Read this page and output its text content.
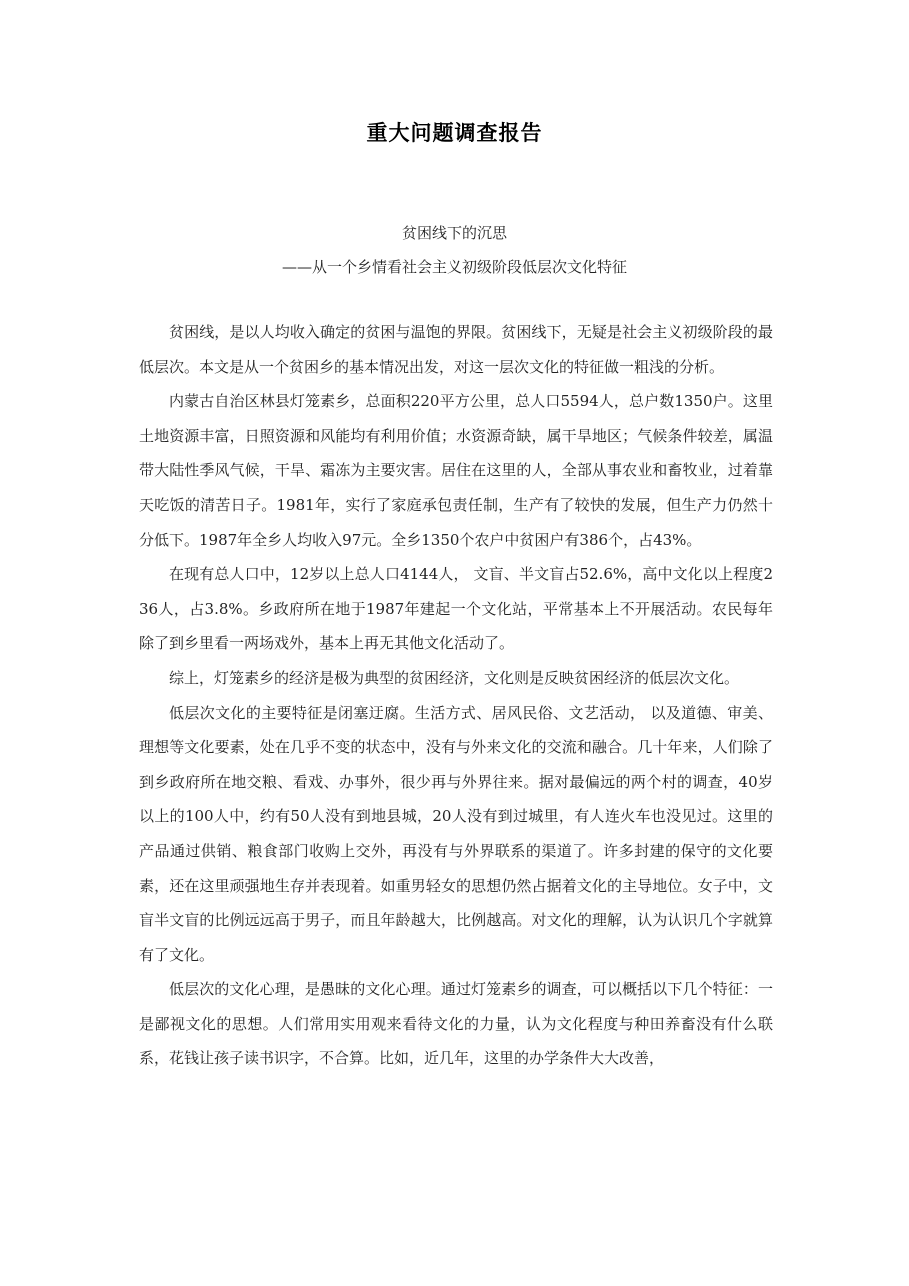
重大问题调查报告
贫困线下的沉思
——从一个乡情看社会主义初级阶段低层次文化特征

贫困线，是以人均收入确定的贫困与温饱的界限。贫困线下，无疑是社会主义初级阶段的最低层次。本文是从一个贫困乡的基本情况出发，对这一层次文化的特征做一粗浅的分析。

内蒙古自治区林县灯笼素乡，总面积220平方公里，总人口5594人，总户数1350户。这里土地资源丰富，日照资源和风能均有利用价值；水资源奇缺，属干旱地区；气候条件较差，属温带大陆性季风气候，干旱、霜冻为主要灾害。居住在这里的人，全部从事农业和畜牧业，过着靠天吃饭的清苦日子。1981年，实行了家庭承包责任制，生产有了较快的发展，但生产力仍然十分低下。1987年全乡人均收入97元。全乡1350个农户中贫困户有386个，占43%。

在现有总人口中，12岁以上总人口4144人， 文盲、半文盲占52.6%，高中文化以上程度236人，占3.8%。乡政府所在地于1987年建起一个文化站，平常基本上不开展活动。农民每年除了到乡里看一两场戏外，基本上再无其他文化活动了。

综上，灯笼素乡的经济是极为典型的贫困经济，文化则是反映贫困经济的低层次文化。

低层次文化的主要特征是闭塞迂腐。生活方式、居风民俗、文艺活动， 以及道德、审美、理想等文化要素，处在几乎不变的状态中，没有与外来文化的交流和融合。几十年来，人们除了到乡政府所在地交粮、看戏、办事外，很少再与外界往来。据对最偏远的两个村的调查，40岁以上的100人中，约有50人没有到地县城，20人没有到过城里，有人连火车也没见过。这里的产品通过供销、粮食部门收购上交外，再没有与外界联系的渠道了。许多封建的保守的文化要素，还在这里顽强地生存并表现着。如重男轻女的思想仍然占据着文化的主导地位。女子中，文盲半文盲的比例远远高于男子，而且年龄越大，比例越高。对文化的理解，认为认识几个字就算有了文化。

低层次的文化心理，是愚昧的文化心理。通过灯笼素乡的调查，可以概括以下几个特征：一是鄙视文化的思想。人们常用实用观来看待文化的力量，认为文化程度与种田养畜没有什么联系，花钱让孩子读书识字，不合算。比如，近几年，这里的办学条件大大改善，
